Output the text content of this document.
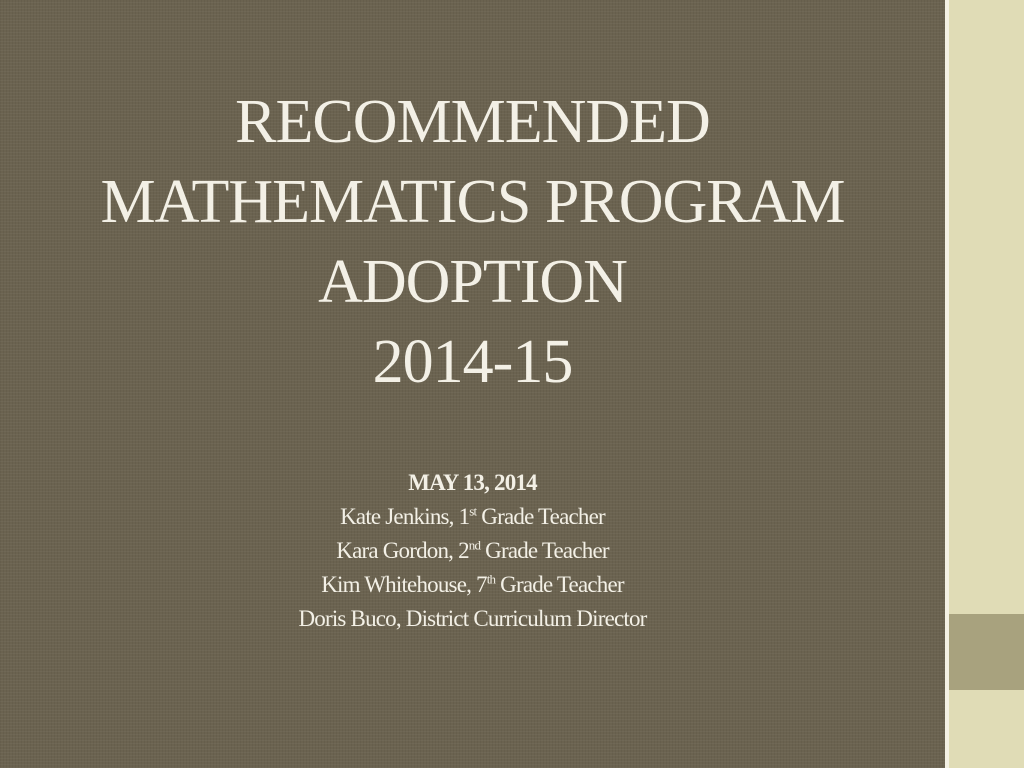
RECOMMENDED
MATHEMATICS PROGRAM
ADOPTION
2014-15
MAY 13, 2014
Kate Jenkins, 1st Grade Teacher
Kara Gordon, 2nd Grade Teacher
Kim Whitehouse, 7th Grade Teacher
Doris Buco, District Curriculum Director
